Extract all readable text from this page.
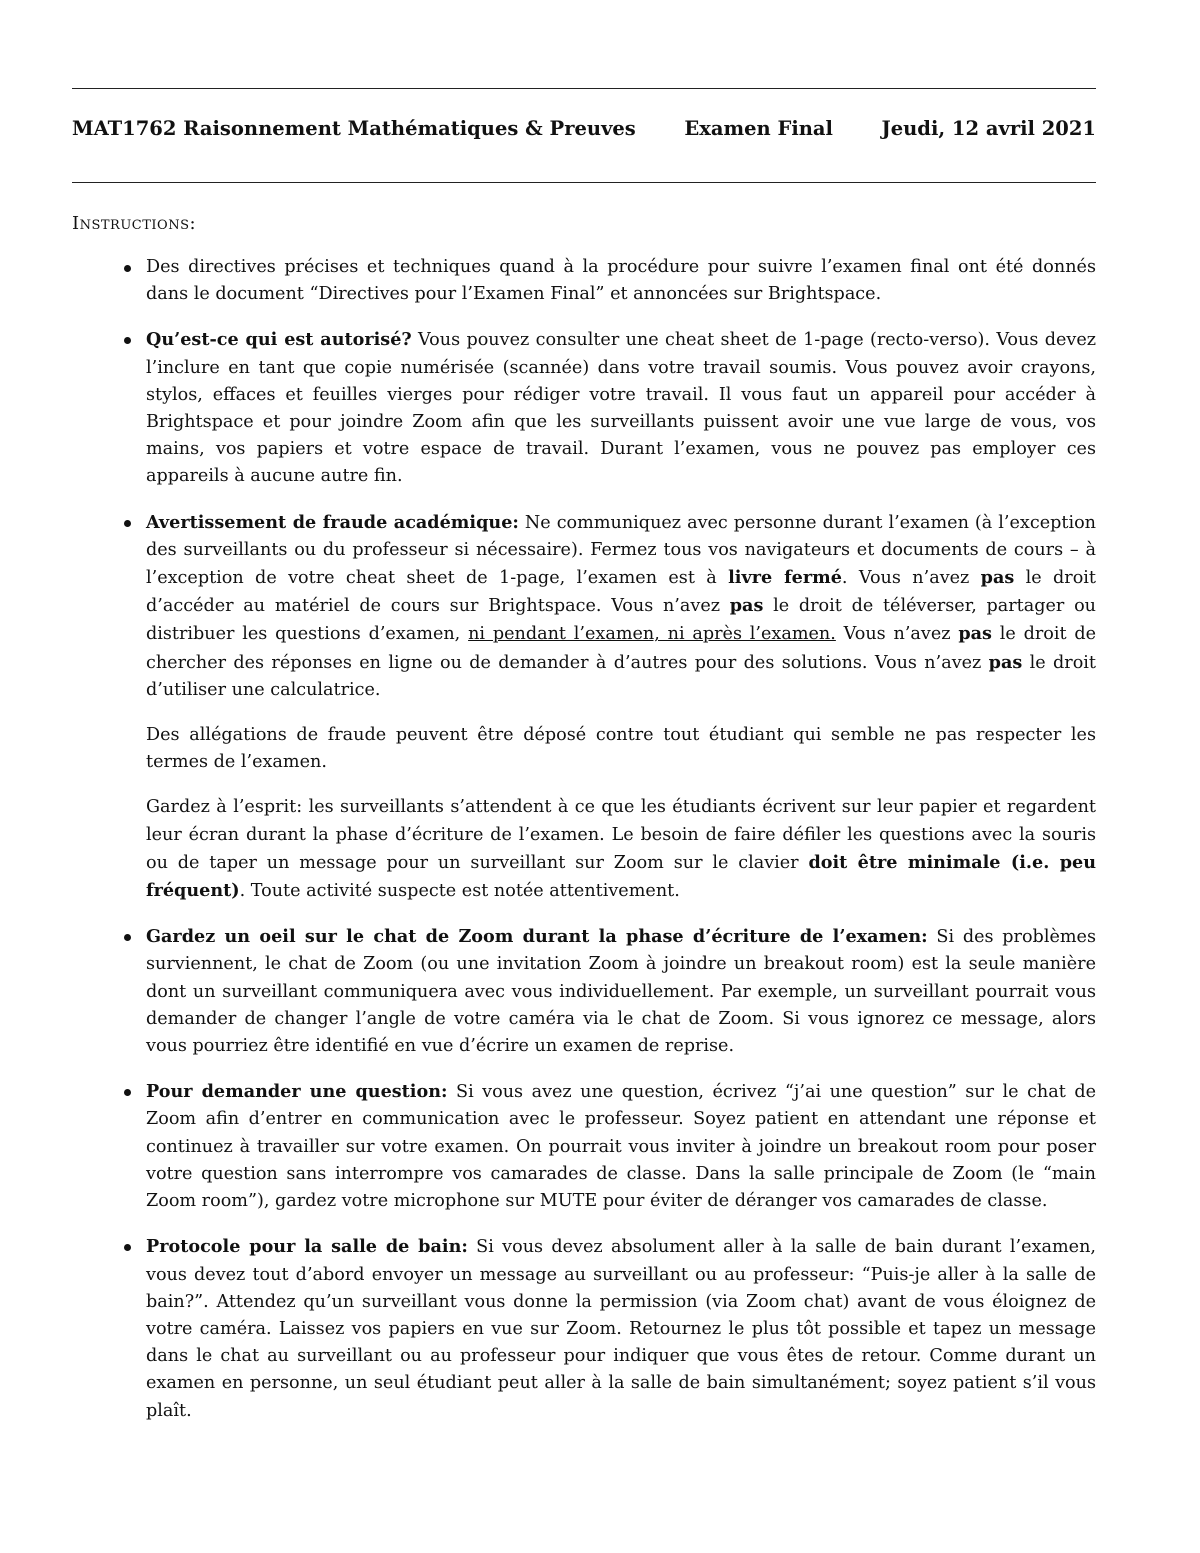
MAT1762 Raisonnement Mathématiques & Preuves Examen Final Jeudi, 12 avril 2021
Instructions:

Des directives précises et techniques quand à la procédure pour suivre l’examen final ont été donnés dans le document “Directives pour l’Examen Final” et annoncées sur Brightspace.

Qu’est-ce qui est autorisé? Vous pouvez consulter une cheat sheet de 1-page (recto-verso). Vous devez l’inclure en tant que copie numérisée (scannée) dans votre travail soumis. Vous pouvez avoir crayons, stylos, effaces et feuilles vierges pour rédiger votre travail. Il vous faut un appareil pour accéder à Brightspace et pour joindre Zoom afin que les surveillants puissent avoir une vue large de vous, vos mains, vos papiers et votre espace de travail. Durant l’examen, vous ne pouvez pas employer ces appareils à aucune autre fin.

Avertissement de fraude académique: Ne communiquez avec personne durant l’examen (à l’exception des surveillants ou du professeur si nécessaire). Fermez tous vos navigateurs et documents de cours – à l’exception de votre cheat sheet de 1-page, l’examen est à livre fermé. Vous n’avez pas le droit d’accéder au matériel de cours sur Brightspace. Vous n’avez pas le droit de téléverser, partager ou distribuer les questions d’examen, ni pendant l’examen, ni après l’examen. Vous n’avez pas le droit de chercher des réponses en ligne ou de demander à d’autres pour des solutions. Vous n’avez pas le droit d’utiliser une calculatrice.

Des allégations de fraude peuvent être déposé contre tout étudiant qui semble ne pas respecter les termes de l’examen.

Gardez à l’esprit: les surveillants s’attendent à ce que les étudiants écrivent sur leur papier et regardent leur écran durant la phase d’écriture de l’examen. Le besoin de faire défiler les questions avec la souris ou de taper un message pour un surveillant sur Zoom sur le clavier doit être minimale (i.e. peu fréquent). Toute activité suspecte est notée attentivement.

Gardez un oeil sur le chat de Zoom durant la phase d’écriture de l’examen: Si des problèmes surviennent, le chat de Zoom (ou une invitation Zoom à joindre un breakout room) est la seule manière dont un surveillant communiquera avec vous individuellement. Par exemple, un surveillant pourrait vous demander de changer l’angle de votre caméra via le chat de Zoom. Si vous ignorez ce message, alors vous pourriez être identifié en vue d’écrire un examen de reprise.

Pour demander une question: Si vous avez une question, écrivez “j’ai une question” sur le chat de Zoom afin d’entrer en communication avec le professeur. Soyez patient en attendant une réponse et continuez à travailler sur votre examen. On pourrait vous inviter à joindre un breakout room pour poser votre question sans interrompre vos camarades de classe. Dans la salle principale de Zoom (le “main Zoom room”), gardez votre microphone sur MUTE pour éviter de déranger vos camarades de classe.

Protocole pour la salle de bain: Si vous devez absolument aller à la salle de bain durant l’examen, vous devez tout d’abord envoyer un message au surveillant ou au professeur: “Puis-je aller à la salle de bain?”. Attendez qu’un surveillant vous donne la permission (via Zoom chat) avant de vous éloignez de votre caméra. Laissez vos papiers en vue sur Zoom. Retournez le plus tôt possible et tapez un message dans le chat au surveillant ou au professeur pour indiquer que vous êtes de retour. Comme durant un examen en personne, un seul étudiant peut aller à la salle de bain simultanément; soyez patient s’il vous plaît.
